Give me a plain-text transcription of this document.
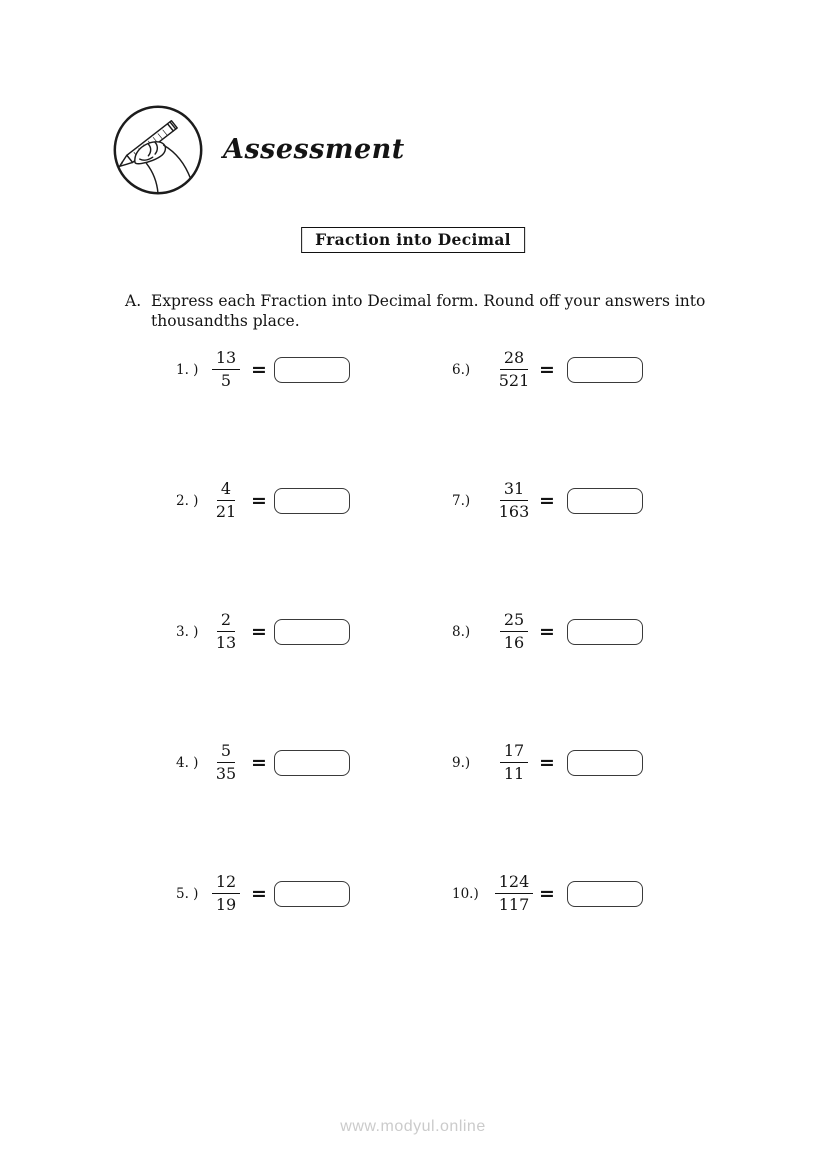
Assessment
Fraction into Decimal
A. Express each Fraction into Decimal form. Round off your answers into thousandths place.
1. ) $\frac{13}{5}$ =
2. ) $\frac{4}{21}$ =
3. ) $\frac{2}{13}$ =
4. ) $\frac{5}{35}$ =
5. ) $\frac{12}{19}$ =
6.)	$\frac{28}{521}$ =
7.)	$\frac{31}{163}$ =
8.)	$\frac{25}{16}$ =
9.)	$\frac{17}{11}$ =
$10.) \frac{124}{117}$ =
www.modyul.online
